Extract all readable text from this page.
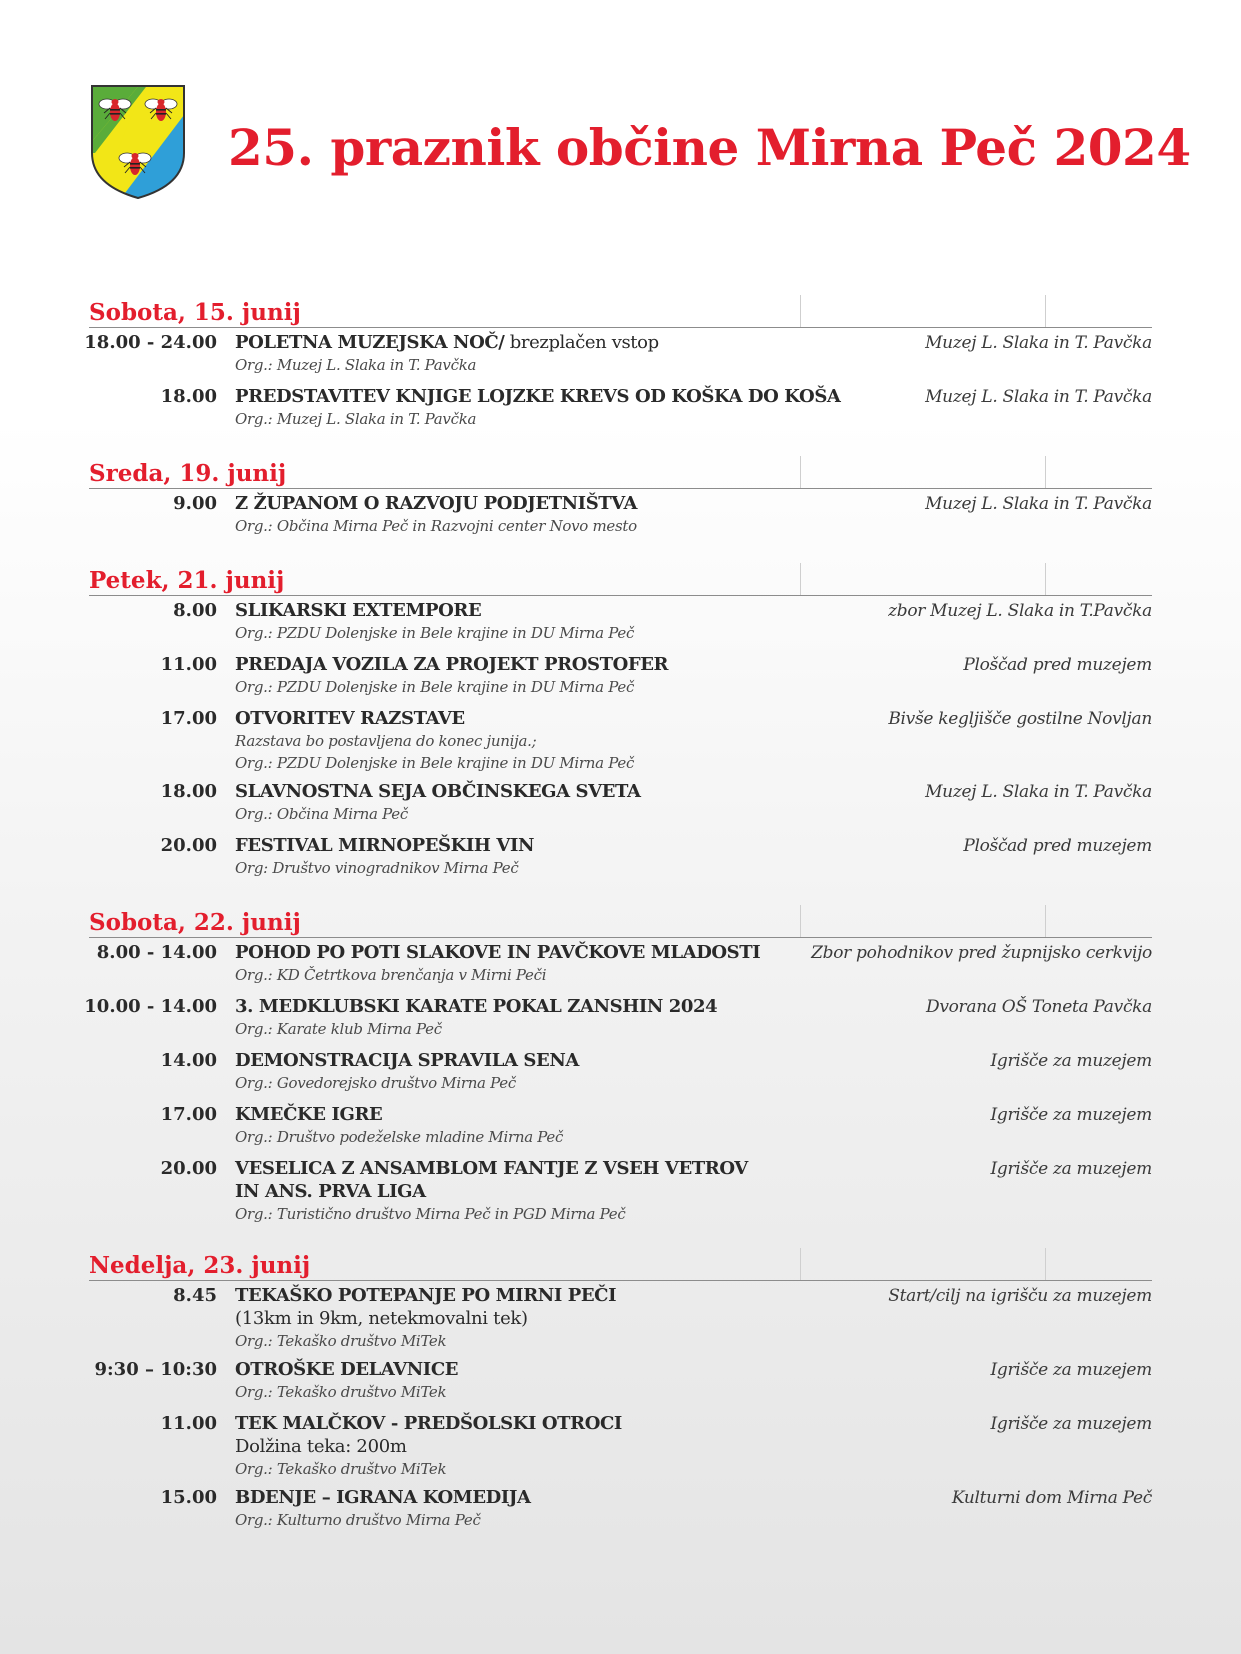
25. praznik občine Mirna Peč 2024
Sobota, 15. junij
18.00 - 24.00 POLETNA MUZEJSKA NOČ/ brezplačen vstop
Org.: Muzej L. Slaka in T. Pavčka
Muzej L. Slaka in T. Pavčka
18.00 PREDSTAVITEV KNJIGE LOJZKE KREVS OD KOŠKA DO KOŠA
Org.: Muzej L. Slaka in T. Pavčka
Muzej L. Slaka in T. Pavčka
Sreda, 19. junij
9.00 Z ŽUPANOM O RAZVOJU PODJETNIŠTVA
Org.: Občina Mirna Peč in Razvojni center Novo mesto
Muzej L. Slaka in T. Pavčka
Petek, 21. junij
8.00 SLIKARSKI EXTEMPORE
Org.: PZDU Dolenjske in Bele krajine in DU Mirna Peč
zbor Muzej L. Slaka in T.Pavčka
11.00 PREDAJA VOZILA ZA PROJEKT PROSTOFER
Org.: PZDU Dolenjske in Bele krajine in DU Mirna Peč
Ploščad pred muzejem
17.00 OTVORITEV RAZSTAVE
Razstava bo postavljena do konec junija.;
Org.: PZDU Dolenjske in Bele krajine in DU Mirna Peč
Bivše kegljišče gostilne Novljan
18.00 SLAVNOSTNA SEJA OBČINSKEGA SVETA
Org.: Občina Mirna Peč
Muzej L. Slaka in T. Pavčka
20.00 FESTIVAL MIRNOPEŠKIH VIN
Org: Društvo vinogradnikov Mirna Peč
Ploščad pred muzejem
Sobota, 22. junij
8.00 - 14.00 POHOD PO POTI SLAKOVE IN PAVČKOVE MLADOSTI
Org.: KD Četrtkova brenčanja v Mirni Peči
Zbor pohodnikov pred župnijsko cerkvijo
10.00 - 14.00 3. MEDKLUBSKI KARATE POKAL ZANSHIN 2024
Org.: Karate klub Mirna Peč
Dvorana OŠ Toneta Pavčka
14.00 DEMONSTRACIJA SPRAVILA SENA
Org.: Govedorejsko društvo Mirna Peč
Igrišče za muzejem
17.00 KMEČKE IGRE
Org.: Društvo podeželske mladine Mirna Peč
Igrišče za muzejem
20.00 VESELICA Z ANSAMBLOM FANTJE Z VSEH VETROV
IN ANS. PRVA LIGA
Org.: Turistično društvo Mirna Peč in PGD Mirna Peč
Igrišče za muzejem
Nedelja, 23. junij
8.45 TEKAŠKO POTEPANJE PO MIRNI PEČI
(13km in 9km, netekmovalni tek)
Org.: Tekaško društvo MiTek
Start/cilj na igrišču za muzejem
9:30 – 10:30 OTROŠKE DELAVNICE
Org.: Tekaško društvo MiTek
Igrišče za muzejem
11.00 TEK MALČKOV - PREDŠOLSKI OTROCI
Dolžina teka: 200m
Org.: Tekaško društvo MiTek
Igrišče za muzejem
15.00 BDENJE – IGRANA KOMEDIJA
Org.: Kulturno društvo Mirna Peč
Kulturni dom Mirna Peč
